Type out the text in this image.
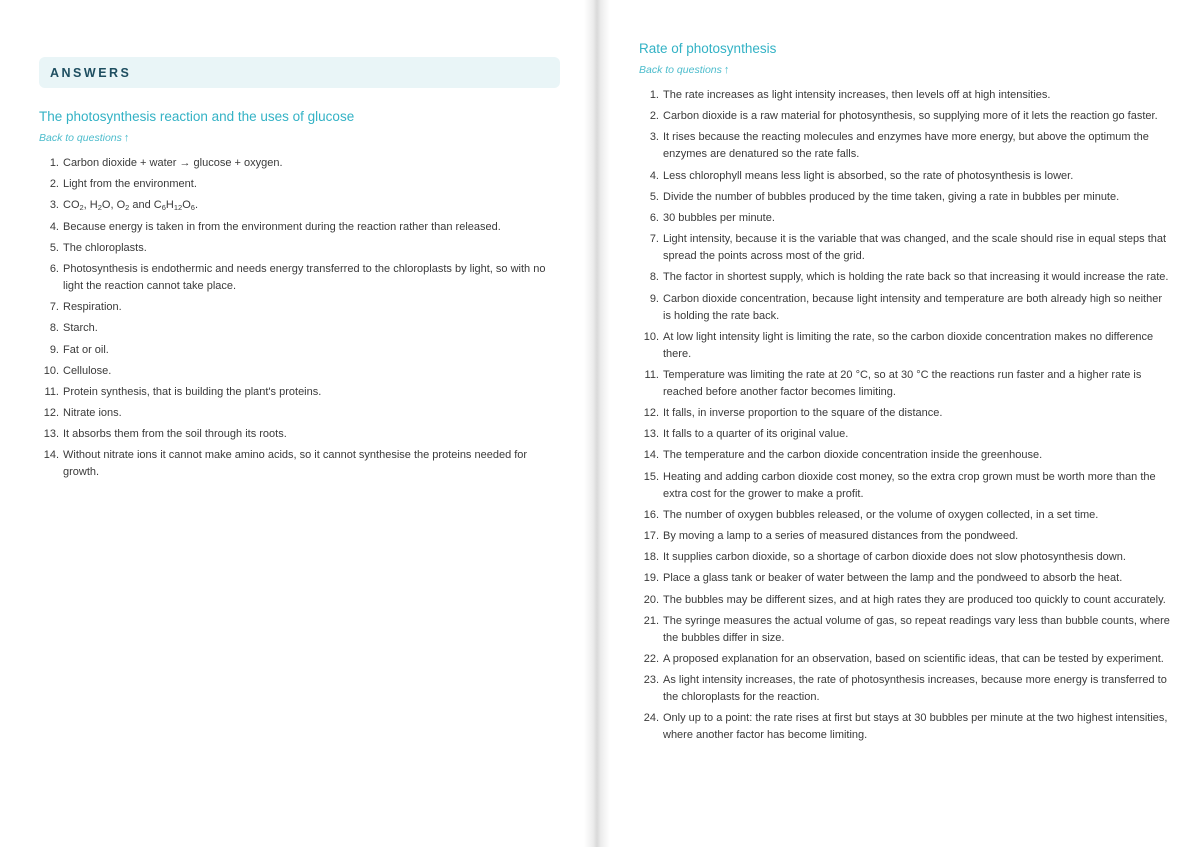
ANSWERS
The photosynthesis reaction and the uses of glucose
Back to questions ↑
1. Carbon dioxide + water → glucose + oxygen.
2. Light from the environment.
3. $CO_2$, $H_2O$, $O_2$ and $C_6H_{12}O_6$.
4. Because energy is taken in from the environment during the reaction rather than released.
5. The chloroplasts.
6. Photosynthesis is endothermic and needs energy transferred to the chloroplasts by light, so with no light the reaction cannot take place.
7. Respiration.
8. Starch.
9. Fat or oil.
10. Cellulose.
11. Protein synthesis, that is building the plant's proteins.
12. Nitrate ions.
13. It absorbs them from the soil through its roots.
14. Without nitrate ions it cannot make amino acids, so it cannot synthesise the proteins needed for growth.
Rate of photosynthesis
Back to questions ↑
1. The rate increases as light intensity increases, then levels off at high intensities.
2. Carbon dioxide is a raw material for photosynthesis, so supplying more of it lets the reaction go faster.
3. It rises because the reacting molecules and enzymes have more energy, but above the optimum the enzymes are denatured so the rate falls.
4. Less chlorophyll means less light is absorbed, so the rate of photosynthesis is lower.
5. Divide the number of bubbles produced by the time taken, giving a rate in bubbles per minute.
6. 30 bubbles per minute.
7. Light intensity, because it is the variable that was changed, and the scale should rise in equal steps that spread the points across most of the grid.
8. The factor in shortest supply, which is holding the rate back so that increasing it would increase the rate.
9. Carbon dioxide concentration, because light intensity and temperature are both already high so neither is holding the rate back.
10. At low light intensity light is limiting the rate, so the carbon dioxide concentration makes no difference there.
11. Temperature was limiting the rate at 20 °C, so at 30 °C the reactions run faster and a higher rate is reached before another factor becomes limiting.
12. It falls, in inverse proportion to the square of the distance.
13. It falls to a quarter of its original value.
14. The temperature and the carbon dioxide concentration inside the greenhouse.
15. Heating and adding carbon dioxide cost money, so the extra crop grown must be worth more than the extra cost for the grower to make a profit.
16. The number of oxygen bubbles released, or the volume of oxygen collected, in a set time.
17. By moving a lamp to a series of measured distances from the pondweed.
18. It supplies carbon dioxide, so a shortage of carbon dioxide does not slow photosynthesis down.
19. Place a glass tank or beaker of water between the lamp and the pondweed to absorb the heat.
20. The bubbles may be different sizes, and at high rates they are produced too quickly to count accurately.
21. The syringe measures the actual volume of gas, so repeat readings vary less than bubble counts, where the bubbles differ in size.
22. A proposed explanation for an observation, based on scientific ideas, that can be tested by experiment.
23. As light intensity increases, the rate of photosynthesis increases, because more energy is transferred to the chloroplasts for the reaction.
24. Only up to a point: the rate rises at first but stays at 30 bubbles per minute at the two highest intensities, where another factor has become limiting.
